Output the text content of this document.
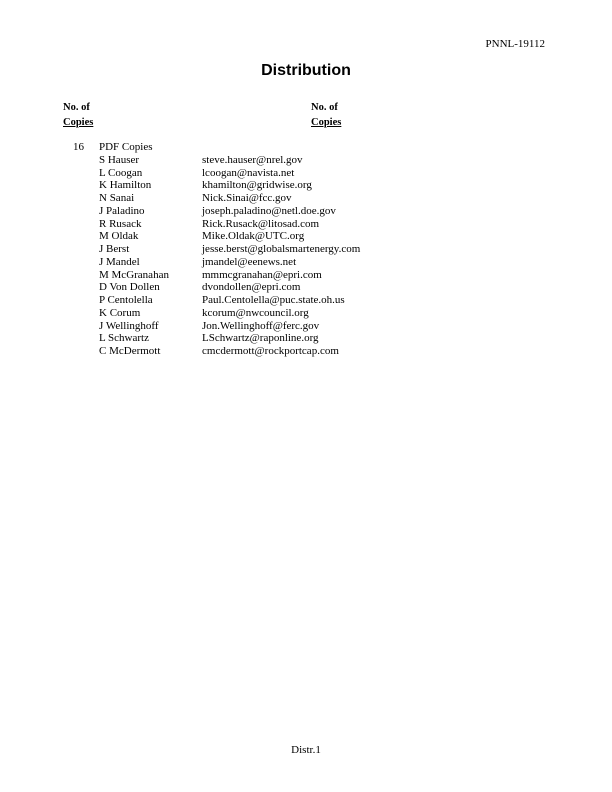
PNNL-19112
Distribution
No. of
Copies
No. of
Copies
16 PDF Copies
S Hauser	steve.hauser@nrel.gov
L Coogan	lcoogan@navista.net
K Hamilton	khamilton@gridwise.org
N Sanai	Nick.Sinai@fcc.gov
J Paladino	joseph.paladino@netl.doe.gov
R Rusack	Rick.Rusack@litosad.com
M Oldak	Mike.Oldak@UTC.org
J Berst	jesse.berst@globalsmartenergy.com
J Mandel	jmandel@eenews.net
M McGranahan	mmmcgranahan@epri.com
D Von Dollen	dvondollen@epri.com
P Centolella	Paul.Centolella@puc.state.oh.us
K Corum	kcorum@nwcouncil.org
J Wellinghoff	Jon.Wellinghoff@ferc.gov
L Schwartz	LSchwartz@raponline.org
C McDermott	cmcdermott@rockportcap.com
Distr.1
